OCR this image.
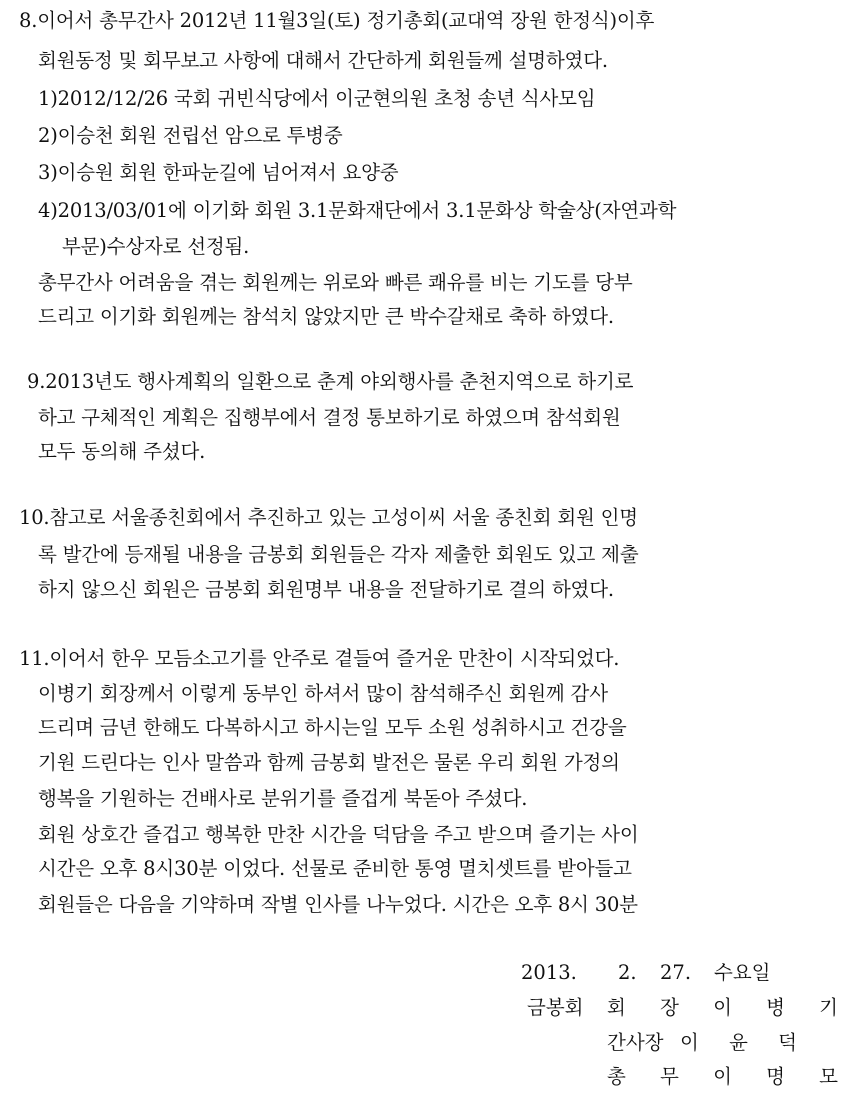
8.이어서 총무간사 2012년 11월3일(토) 정기총회(교대역 장원 한정식)이후
회원동정 및 회무보고 사항에 대해서 간단하게 회원들께 설명하였다.
1)2012/12/26 국회 귀빈식당에서 이군현의원 초청 송년 식사모임
2)이승천 회원 전립선 암으로 투병중
3)이승원 회원 한파눈길에 넘어져서 요양중
4)2013/03/01에 이기화 회원 3.1문화재단에서 3.1문화상 학술상(자연과학
부문)수상자로 선정됨.
총무간사 어려움을 겪는 회원께는 위로와 빠른 쾌유를 비는 기도를 당부
드리고 이기화 회원께는 참석치 않았지만 큰 박수갈채로 축하 하였다.
9.2013년도 행사계획의 일환으로 춘계 야외행사를 춘천지역으로 하기로
하고 구체적인 계획은 집행부에서 결정 통보하기로 하였으며 참석회원
모두 동의해 주셨다.
10.참고로 서울종친회에서 추진하고 있는 고성이씨 서울 종친회 회원 인명
록 발간에 등재될 내용을 금봉회 회원들은 각자 제출한 회원도 있고 제출
하지 않으신 회원은 금봉회 회원명부 내용을 전달하기로 결의 하였다.
11.이어서 한우 모듬소고기를 안주로 곁들여 즐거운 만찬이 시작되었다.
이병기 회장께서 이렇게 동부인 하셔서 많이 참석해주신 회원께 감사
드리며 금년 한해도 다복하시고 하시는일 모두 소원 성취하시고 건강을
기원 드린다는 인사 말씀과 함께 금봉회 발전은 물론 우리 회원 가정의
행복을 기원하는 건배사로 분위기를 즐겁게 북돋아 주셨다.
회원 상호간 즐겁고 행복한 만찬 시간을 덕담을 주고 받으며 즐기는 사이
시간은 오후 8시30분 이었다. 선물로 준비한 통영 멸치셋트를 받아들고
회원들은 다음을 기약하며 작별 인사를 나누었다. 시간은 오후 8시 30분
2013. 2. 27. 수요일
금봉회	회 장 이 병 기
간사장 이 윤 덕
총 무 이 명 모
